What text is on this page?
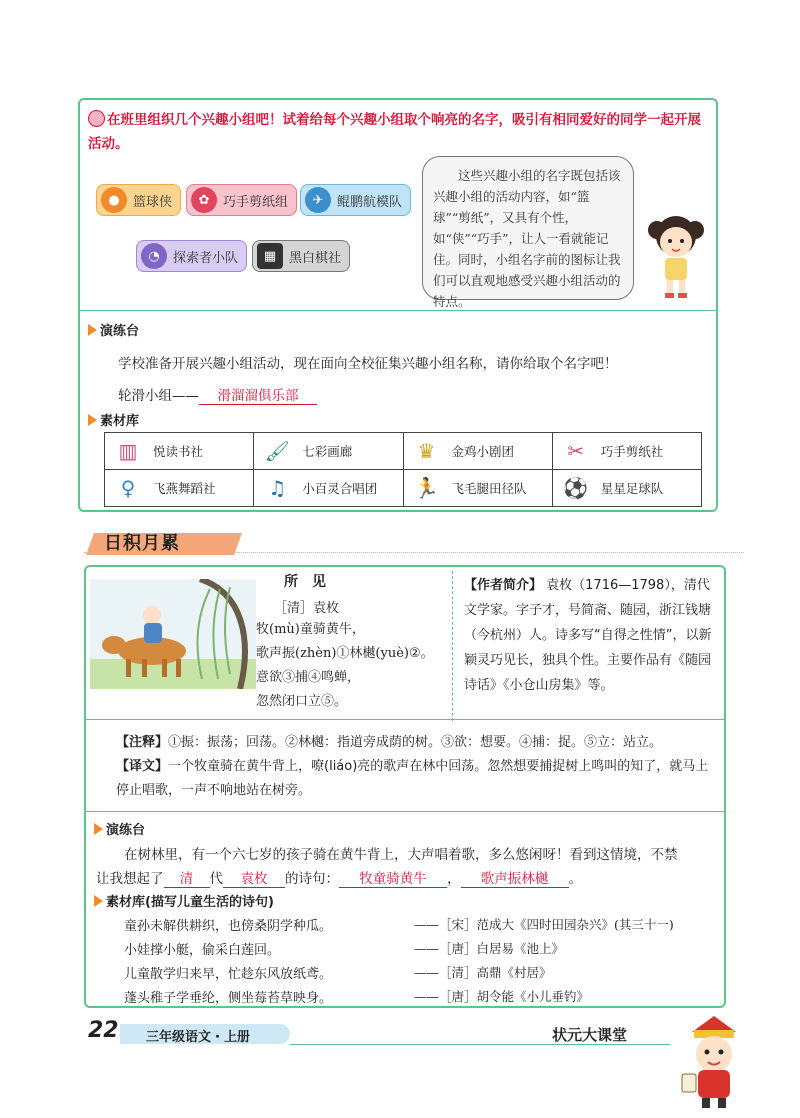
在班里组织几个兴趣小组吧！试着给每个兴趣小组取个响亮的名字，吸引有相同爱好的同学一起开展活动。
●	篮球侠	✿	巧手剪纸组	✈	鲲鹏航模队
◔	探索者小队	▦ 黑白棋社
这些兴趣小组的名字既包括该兴趣小组的活动内容，如“篮球”“剪纸”，又具有个性，如“侠”“巧手”，让人一看就能记住。同时，小组名字前的图标让我们可以直观地感受兴趣小组活动的特点。
演练台
学校准备开展兴趣小组活动，现在面向全校征集兴趣小组名称，请你给取个名字吧！
轮滑小组—— 滑溜溜俱乐部
素材库
▥ 悦读书社	🖌 七彩画廊	♛ 金鸡小剧团	✂ 巧手剪纸社

♀ 飞燕舞蹈社	♫ 小百灵合唱团	🏃 飞毛腿田径队	⚽ 星星足球队
日积月累
所　见
［清］袁枚
牧(mù)童骑黄牛，
歌声振(zhèn)①林樾(yuè)②。
意欲③捕④鸣蝉，
忽然闭口立⑤。
【作者简介】 袁枚（1716—1798），清代文学家。字子才，号简斋、随园，浙江钱塘（今杭州）人。诗多写“自得之性情”，以新颖灵巧见长，独具个性。主要作品有《随园诗话》《小仓山房集》等。
【注释】①振：振荡；回荡。②林樾：指道旁成荫的树。③欲：想要。④捕：捉。⑤立：站立。
【译文】一个牧童骑在黄牛背上，嘹(liáo)亮的歌声在林中回荡。忽然想要捕捉树上鸣叫的知了，就马上停止唱歌，一声不响地站在树旁。
演练台
在树林里，有一个六七岁的孩子骑在黄牛背上，大声唱着歌，多么悠闲呀！看到这情境，不禁
让我想起了 清 代 袁枚 的诗句： 牧童骑黄牛 ， 歌声振林樾 。
素材库(描写儿童生活的诗句)
童孙未解供耕织，也傍桑阴学种瓜。	——［宋］范成大《四时田园杂兴》(其三十一)
小娃撑小艇，偷采白莲回。	——［唐］白居易《池上》
儿童散学归来早，忙趁东风放纸鸢。	——［清］高鼎《村居》
蓬头稚子学垂纶，侧坐莓苔草映身。	——［唐］胡令能《小儿垂钓》
22 三年级语文・上册	状元大课堂
